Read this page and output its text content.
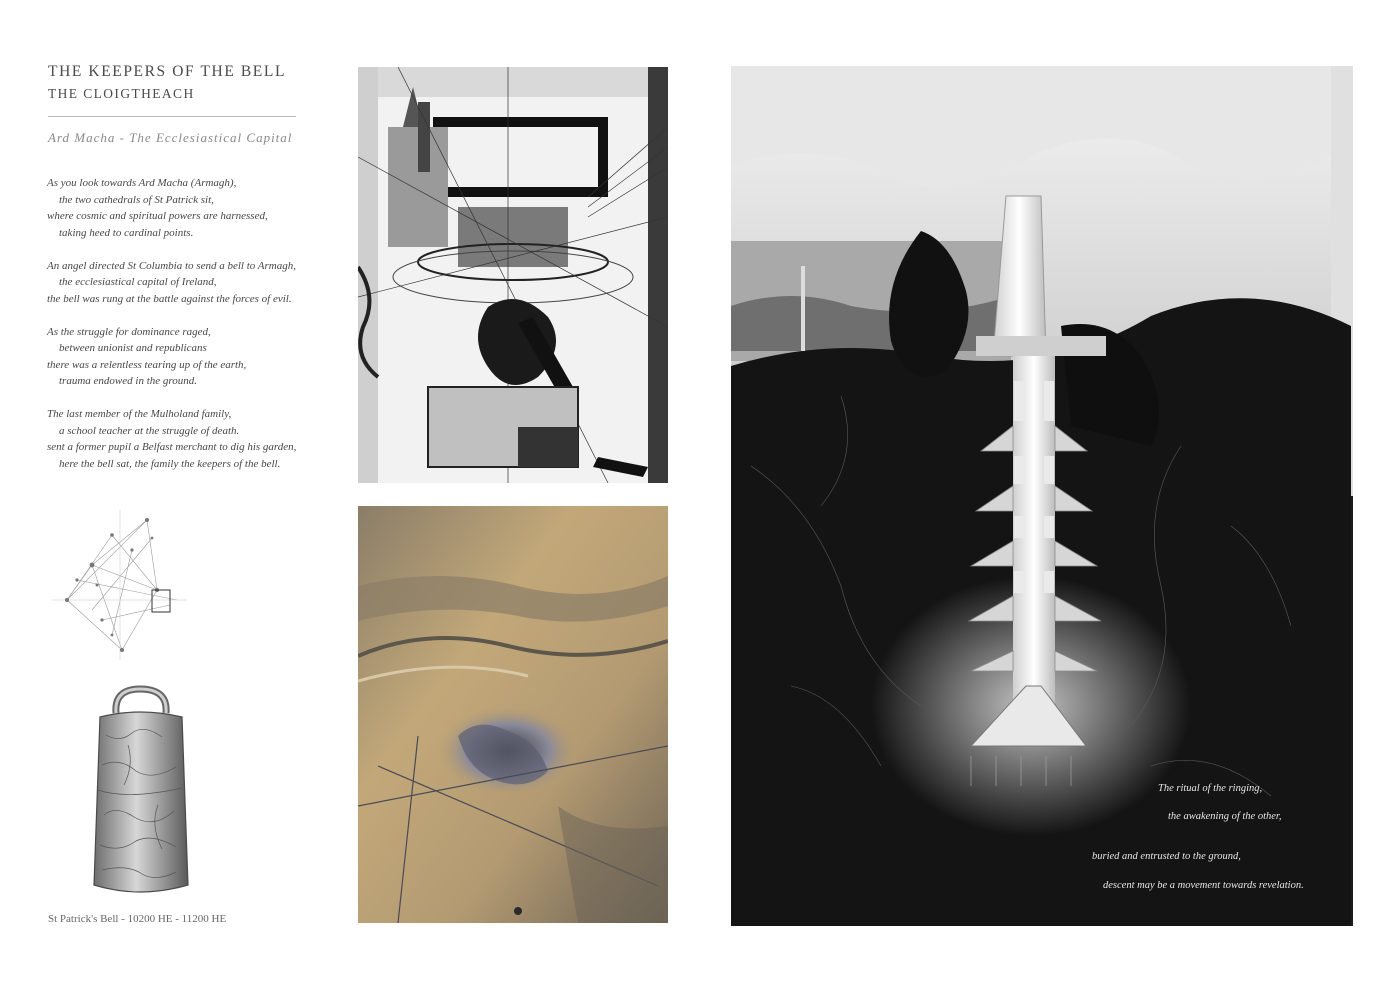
THE KEEPERS OF THE BELL
THE CLOIGTHEACH
Ard Macha - The Ecclesiastical Capital
As you look towards Ard Macha (Armagh),
the two cathedrals of St Patrick sit,
where cosmic and spiritual powers are harnessed,
taking heed to cardinal points.
An angel directed St Columbia to send a bell to Armagh,
the ecclesiastical capital of Ireland,
the bell was rung at the battle against the forces of evil.
As the struggle for dominance raged,
between unionist and republicans
there was a relentless tearing up of the earth,
trauma endowed in the ground.
The last member of the Mulholand family,
a school teacher at the struggle of death.
sent a former pupil a Belfast merchant to dig his garden,
here the bell sat, the family the keepers of the bell.
St Patrick's Bell - 10200 HE - 11200 HE
The ritual of the ringing,
the awakening of the other,
buried and entrusted to the ground,
descent may be a movement towards revelation.
